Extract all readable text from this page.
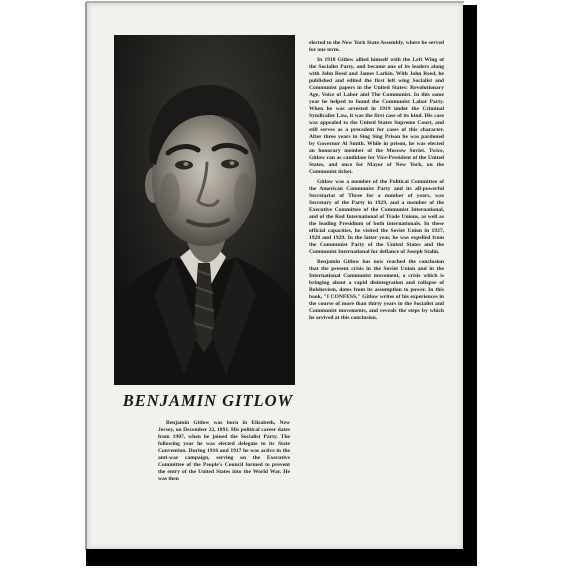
BENJAMIN GITLOW

Benjamin Gitlow was born in Elizabeth, New Jersey, on December 22, 1891. His political career dates from 1907, when he joined the Socialist Party. The following year he was elected delegate to its State Convention. During 1916 and 1917 he was active in the anti-war campaign, serving on the Executive Committee of the People's Council formed to prevent the entry of the United States into the World War. He was then

elected to the New York State Assembly, where he served for one term.

In 1918 Gitlow allied himself with the Left Wing of the Socialist Party, and became one of its leaders along with John Reed and James Larkin. With John Reed, he published and edited the first left wing Socialist and Communist papers in the United States: Revolutionary Age, Voice of Labor and The Communist. In this same year he helped to found the Communist Labor Party. When he was arrested in 1919 under the Criminal Syndicalist Law, it was the first case of its kind. His case was appealed to the United States Supreme Court, and still serves as a precedent for cases of this character. After three years in Sing Sing Prison he was pardoned by Governor Al Smith. While in prison, he was elected an honorary member of the Moscow Soviet. Twice, Gitlow ran as candidate for Vice-President of the United States, and once for Mayor of New York, on the Communist ticket.

Gitlow was a member of the Political Committee of the American Communist Party and its all-powerful Secretariat of Three for a number of years, was Secretary of the Party in 1929, and a member of the Executive Committee of the Communist International, and of the Red International of Trade Unions, as well as the leading Presidium of both internationals. In these official capacities, he visited the Soviet Union in 1927, 1928 and 1929. In the latter year, he was expelled from the Communist Party of the United States and the Communist International for defiance of Joseph Stalin.

Benjamin Gitlow has now reached the conclusion that the present crisis in the Soviet Union and in the International Communist movement, a crisis which is bringing about a rapid disintegration and collapse of Bolshevism, dates from its assumption to power. In this book, "I CONFESS," Gitlow writes of his experiences in the course of more than thirty years in the Socialist and Communist movements, and reveals the steps by which he arrived at this conclusion.
